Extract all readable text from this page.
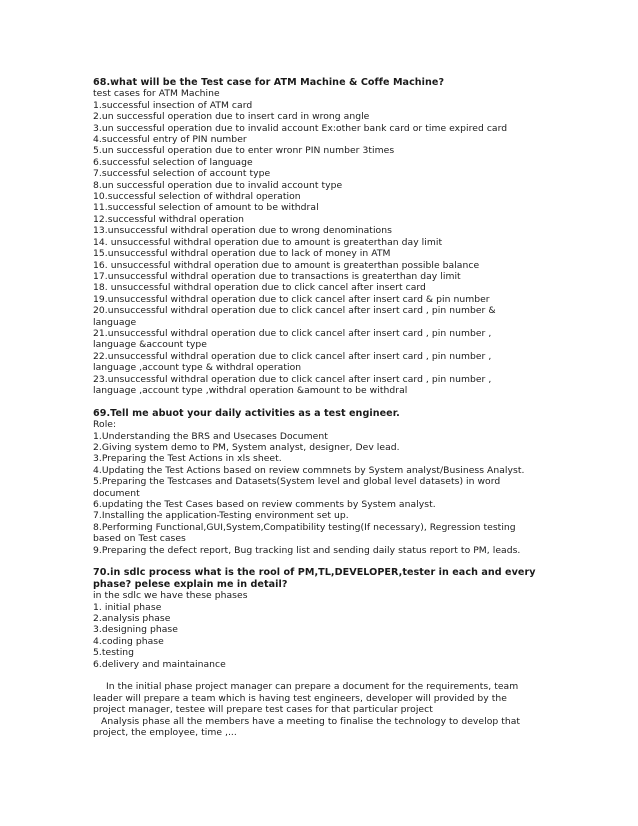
68.what will be the Test case for ATM Machine & Coffe Machine?
test cases for ATM Machine
1.successful insection of ATM card
2.un successful operation due to insert card in wrong angle
3.un successful operation due to invalid account Ex:other bank card or time expired card
4.successful entry of PIN number
5.un successful operation due to enter wronr PIN number 3times
6.successful selection of language
7.successful selection of account type
8.un successful operation due to invalid account type
10.successful selection of withdral operation
11.successful selection of amount to be withdral
12.successful withdral operation
13.unsuccessful withdral operation due to wrong denominations
14. unsuccessful withdral operation due to amount is greaterthan day limit
15.unsuccessful withdral operation due to lack of money in ATM
16. unsuccessful withdral operation due to amount is greaterthan possible balance
17.unsuccessful withdral operation due to transactions is greaterthan day limit
18. unsuccessful withdral operation due to click cancel after insert card
19.unsuccessful withdral operation due to click cancel after insert card & pin number
20.unsuccessful withdral operation due to click cancel after insert card , pin number &
language
21.unsuccessful withdral operation due to click cancel after insert card , pin number ,
language &account type
22.unsuccessful withdral operation due to click cancel after insert card , pin number ,
language ,account type & withdral operation
23.unsuccessful withdral operation due to click cancel after insert card , pin number ,
language ,account type ,withdral operation &amount to be withdral
69.Tell me abuot your daily activities as a test engineer.
Role:
1.Understanding the BRS and Usecases Document
2.Giving system demo to PM, System analyst, designer, Dev lead.
3.Preparing the Test Actions in xls sheet.
4.Updating the Test Actions based on review commnets by System analyst/Business Analyst.
5.Preparing the Testcases and Datasets(System level and global level datasets) in word
document
6.updating the Test Cases based on review comments by System analyst.
7.Installing the application-Testing environment set up.
8.Performing Functional,GUI,System,Compatibility testing(If necessary), Regression testing
based on Test cases
9.Preparing the defect report, Bug tracking list and sending daily status report to PM, leads.
70.in sdlc process what is the rool of PM,TL,DEVELOPER,tester in each and every
phase? pelese explain me in detail?
in the sdlc we have these phases
1. initial phase
2.analysis phase
3.designing phase
4.coding phase
5.testing
6.delivery and maintainance
In the initial phase project manager can prepare a document for the requirements, team
leader will prepare a team which is having test engineers, developer will provided by the
project manager, testee will prepare test cases for that particular project
Analysis phase all the members have a meeting to finalise the technology to develop that
project, the employee, time ,...
